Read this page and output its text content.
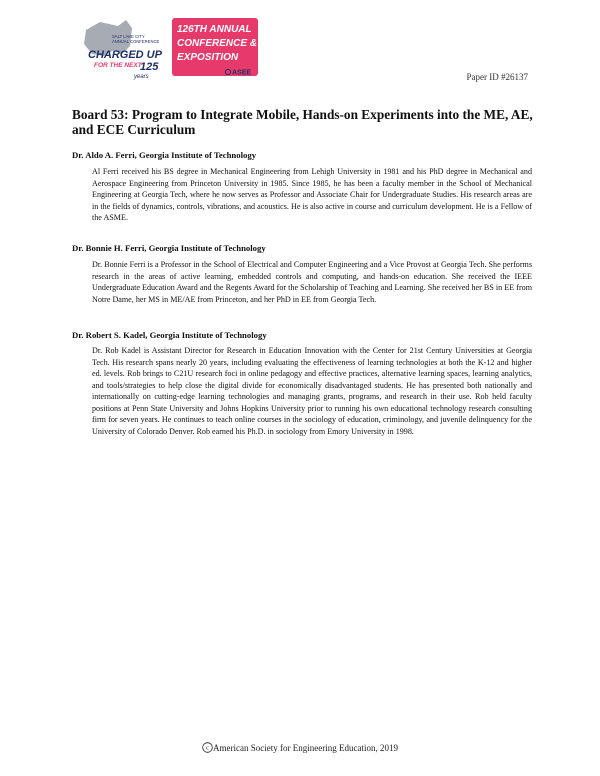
SALT LAKE CITY
ANNUAL CONFERENCE
CHARGED UP
FOR THE NEXT
125
years
126TH ANNUAL
CONFERENCE &
EXPOSITION
ASEE	Paper ID #26137
Board 53: Program to Integrate Mobile, Hands-on Experiments into the ME, AE, and ECE Curriculum

Dr. Aldo A. Ferri, Georgia Institute of Technology

Al Ferri received his BS degree in Mechanical Engineering from Lehigh University in 1981 and his PhD degree in Mechanical and Aerospace Engineering from Princeton University in 1985. Since 1985, he has been a faculty member in the School of Mechanical Engineering at Georgia Tech, where he now serves as Professor and Associate Chair for Undergraduate Studies. His research areas are in the fields of dynamics, controls, vibrations, and acoustics. He is also active in course and curriculum development. He is a Fellow of the ASME.

Dr. Bonnie H. Ferri, Georgia Institute of Technology

Dr. Bonnie Ferri is a Professor in the School of Electrical and Computer Engineering and a Vice Provost at Georgia Tech. She performs research in the areas of active learning, embedded controls and computing, and hands-on education. She received the IEEE Undergraduate Education Award and the Regents Award for the Scholarship of Teaching and Learning. She received her BS in EE from Notre Dame, her MS in ME/AE from Princeton, and her PhD in EE from Georgia Tech.

Dr. Robert S. Kadel, Georgia Institute of Technology

Dr. Rob Kadel is Assistant Director for Research in Education Innovation with the Center for 21st Century Universities at Georgia Tech. His research spans nearly 20 years, including evaluating the effectiveness of learning technologies at both the K-12 and higher ed. levels. Rob brings to C21U research foci in online pedagogy and effective practices, alternative learning spaces, learning analytics, and tools/strategies to help close the digital divide for economically disadvantaged students. He has presented both nationally and internationally on cutting-edge learning technologies and managing grants, programs, and research in their use. Rob held faculty positions at Penn State University and Johns Hopkins University prior to running his own educational technology research consulting firm for seven years. He continues to teach online courses in the sociology of education, criminology, and juvenile delinquency for the University of Colorado Denver. Rob earned his Ph.D. in sociology from Emory University in 1998.

c American Society for Engineering Education, 2019
